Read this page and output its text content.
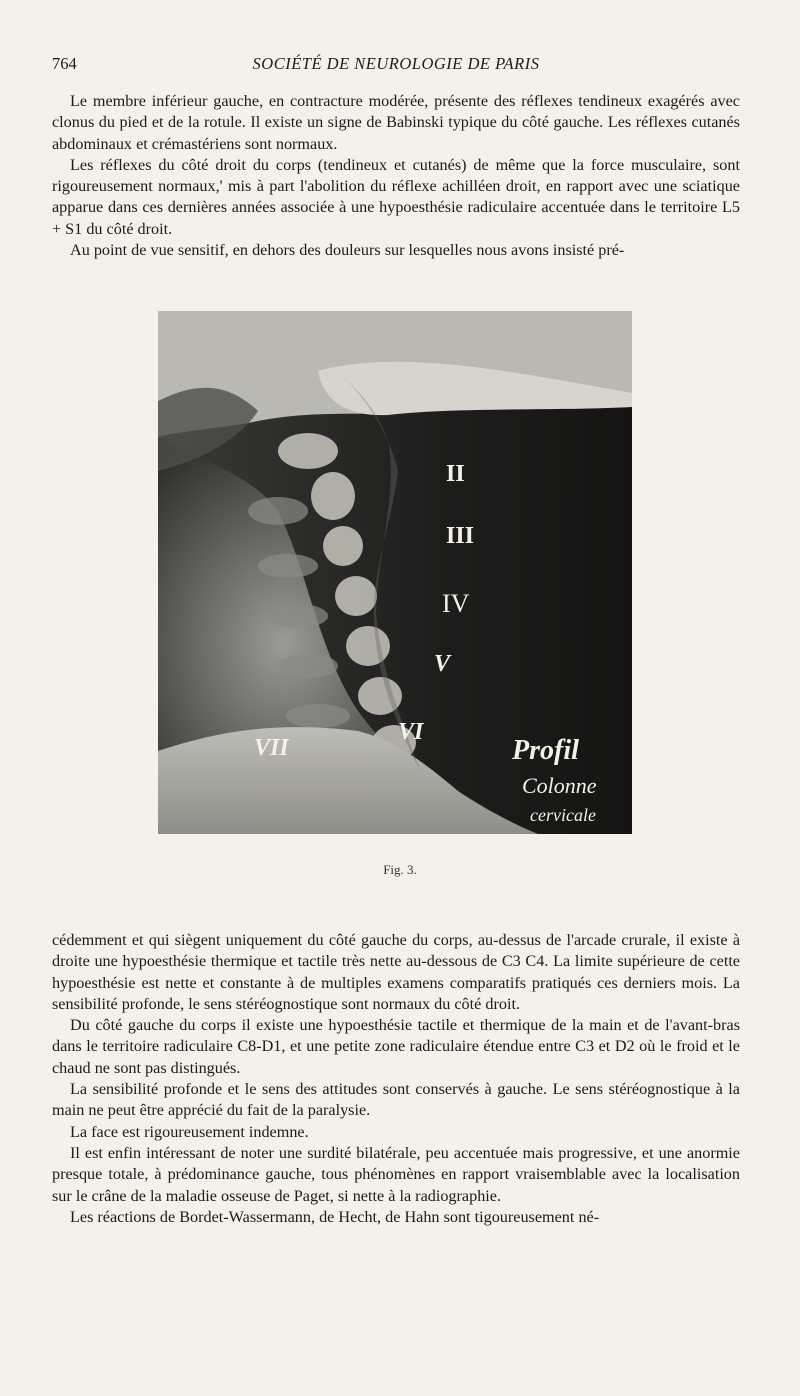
764	SOCIÉTÉ DE NEUROLOGIE DE PARIS

Le membre inférieur gauche, en contracture modérée, présente des réflexes tendineux exagérés avec clonus du pied et de la rotule. Il existe un signe de Babinski typique du côté gauche. Les réflexes cutanés abdominaux et crémastériens sont normaux.

Les réflexes du côté droit du corps (tendineux et cutanés) de même que la force musculaire, sont rigoureusement normaux,' mis à part l'abolition du réflexe achilléen droit, en rapport avec une sciatique apparue dans ces dernières années associée à une hypoesthésie radiculaire accentuée dans le territoire L5 + S1 du côté droit.

Au point de vue sensitif, en dehors des douleurs sur lesquelles nous avons insisté pré-

II
III
IV
V
VI
VII	Profil
Colonne
cervicale
Fig. 3.

cédemment et qui siègent uniquement du côté gauche du corps, au-dessus de l'arcade crurale, il existe à droite une hypoesthésie thermique et tactile très nette au-dessous de C3 C4. La limite supérieure de cette hypoesthésie est nette et constante à de multiples examens comparatifs pratiqués ces derniers mois. La sensibilité profonde, le sens stéréognostique sont normaux du côté droit.

Du côté gauche du corps il existe une hypoesthésie tactile et thermique de la main et de l'avant-bras dans le territoire radiculaire C8-D1, et une petite zone radiculaire étendue entre C3 et D2 où le froid et le chaud ne sont pas distingués.

La sensibilité profonde et le sens des attitudes sont conservés à gauche. Le sens stéréognostique à la main ne peut être apprécié du fait de la paralysie.

La face est rigoureusement indemne.

Il est enfin intéressant de noter une surdité bilatérale, peu accentuée mais progressive, et une anormie presque totale, à prédominance gauche, tous phénomènes en rapport vraisemblable avec la localisation sur le crâne de la maladie osseuse de Paget, si nette à la radiographie.

Les réactions de Bordet-Wassermann, de Hecht, de Hahn sont tigoureusement né-
